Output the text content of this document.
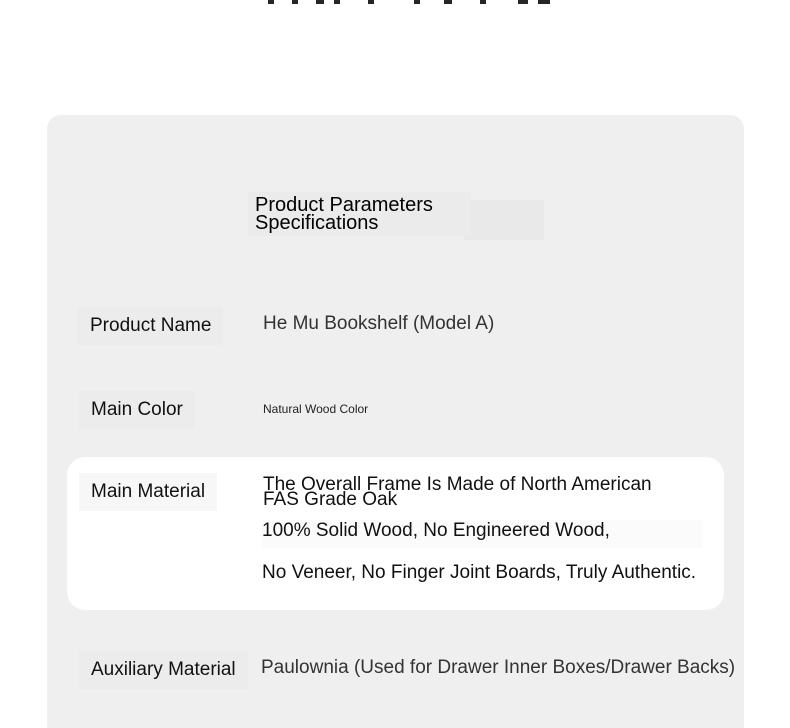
Product Parameters
Specifications
Product Name	He Mu Bookshelf (Model A)
Main Color	Natural Wood Color
Main Material	The Overall Frame Is Made of North American
FAS Grade Oak
100% Solid Wood, No Engineered Wood,
No Veneer, No Finger Joint Boards, Truly Authentic.
Auxiliary Material	Paulownia (Used for Drawer Inner Boxes/Drawer Backs)
